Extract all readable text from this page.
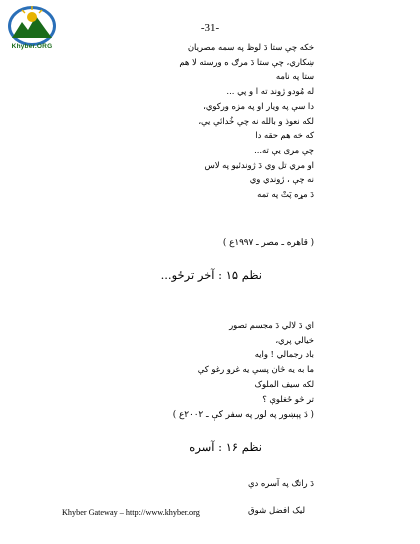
Khyber.ORG
-31-
خکه چې ستا دَ لوظ په سمه مصريان
ښکاري، چې ستا دَ مرګ ه ورسته لا هم
ستا په نامه
له مُودو ژوند ته ا و پي ...
دا سې په ويار او په مزه ورکوي،
لکه نعوذ و بالله نه چې خُدائې يې،
که خه هم حقه دا
چې مری یې ته...
او مري تل وي دَ ژوندئيو په لاس
نه چې ، ژوندي وي
دَ مړه پَتْ په تمه
( قاهره ـ مصر ـ ۱۹۹۷ع )
نظم ۱۵ : آخر ترځو...
اي دَ لالي دَ مجسم تصور
خيالي پري،
باد رجمالي ! وايه
ما به يه څان پسې يه غرو رغو کې
لکه سيف الملوک
تر څو ځغلوې ؟
( دَ پېښور په لور په سفر کې ـ ۲۰۰۲ع )
نظم ۱۶ : آسره
دَ راتګ په آسره دې
Khyber Gateway – http://www.khyber.org	ليک افضل شوق
